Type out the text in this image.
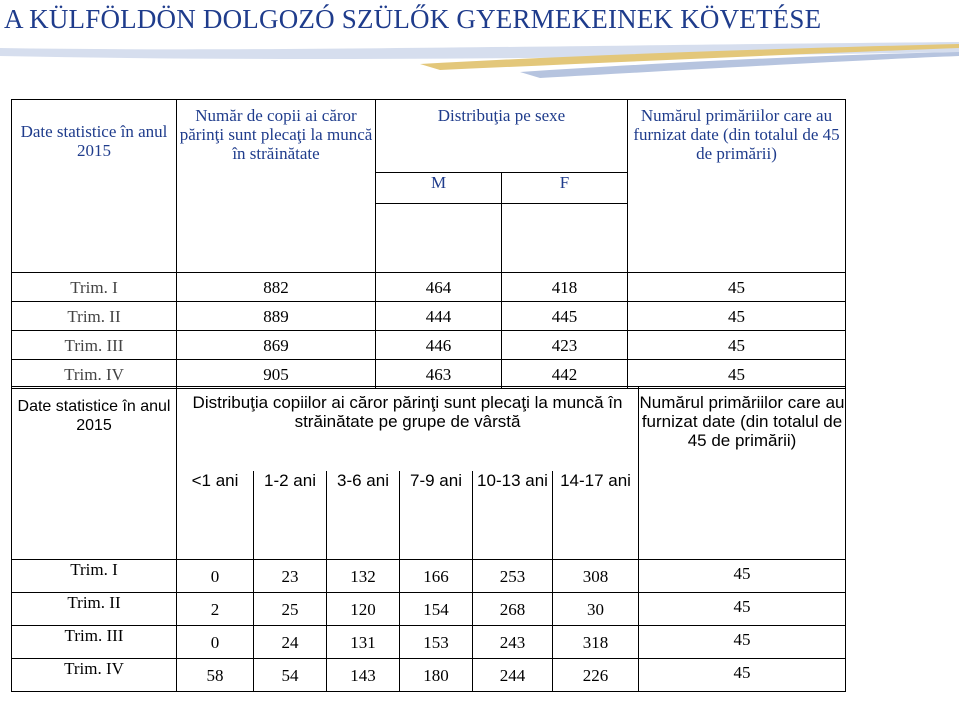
A KÜLFÖLDÖN DOLGOZÓ SZÜLŐK GYERMEKEINEK KÖVETÉSE
Date statistice în anul 2015	Număr de copii ai căror părinţi sunt plecaţi la muncă în străinătate	Distribuţia pe sexe		Numărul primăriilor care au furnizat date (din totalul de 45 de primării)
		M	F	

Trim. I	882	464	418	45
Trim. II	889	444	445	45
Trim. III	869	446	423	45
Trim. IV	905	463	442	45
Date statistice în anul 2015	Distribuţia copiilor ai căror părinţi sunt plecaţi la muncă în străinătate pe grupe de vârstă						Numărul primăriilor care au furnizat date (din totalul de 45 de primării)
	<1 ani	1-2 ani	3-6 ani	7-9 ani	10-13 ani	14-17 ani	
Trim. I	0	23	132	166	253	308	45
Trim. II	2	25	120	154	268	30	45
Trim. III	0	24	131	153	243	318	45
Trim. IV	58	54	143	180	244	226	45
